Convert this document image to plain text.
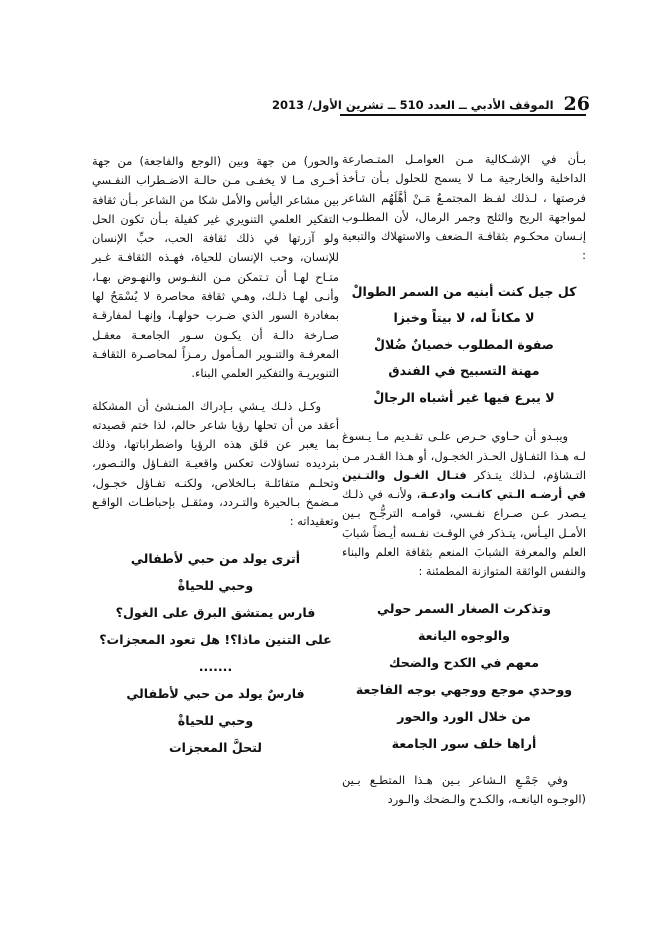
26
الموقف الأدبي ــ العدد 510 ــ تشرين الأول/ 2013

بـأن في الإشـكالية مـن العوامـل المتـصارعة الداخلية والخارجية مـا لا يسمح للحلول بـأن تـأخذ فرصتها ، لـذلك لفـظ المجتمـعُ مَـنْ أهَّلَهُم الشاعر لمواجهة الريح والثلج وجمر الرمال، لأن المطلـوب إنـسان محكـوم بثقافـة الـضعف والاستهلاك والتبعية :

كل جيل كنت أبنيه من السمر الطوالْ
لا مكاناً له، لا بيتاً وخبزا
صفوة المطلوب خصيانٌ ضُلالْ
مهنة التسبيح في الفندق
لا يبرع فيها غير أشباه الرجالْ

ويبـدو أن حـاوي حـرص علـى تقـديم مـا يـسوغ لـه هـذا التفـاؤل الحـذر الخجـول، أو هـذا القـدر مـن التـشاؤم، لـذلك يتـذكر فتـال الغـول والتـنين في أرضـه الـتي كانـت وادعـة، ولأنـه في ذلـك يـصدر عـن صـراع نفـسي، قوامـه الترجُّـح بـين الأمـل اليـأس، يتـذكر في الوقـت نفـسه أيـضاً شبابَ العلم والمعرفة الشبابَ المنعم بثقافة العلم والبناء والنفس الواثقة المتوازنة المطمئنة :

وتذكرت الصغار السمر حولي
والوجوه اليانعة
معهم في الكدح والضحك
ووحدي موجع ووجهي بوجه الفاجعة
من خلال الورد والحور
أراها خلف سور الجامعة

وفي جَمْـعِ الـشاعر بـين هـذا المتطـع بـين (الوجـوه اليانعـه، والكـدح والـضحك والـورد

والحور) من جهة وبين (الوجع والفاجعة) من جهة أخـرى مـا لا يخفـى مـن حالـة الاضـطراب النفـسي بين مشاعر اليأس والأمل شكا من الشاعر بـأن ثقافة التفكير العلمي التنويري غير كفيلة بـأن تكون الحل ولو آزرتها في ذلك ثقافة الحب، حبِّ الإنسان للإنسان، وحب الإنسان للحياة، فهـذه الثقافـة غـير متـاح لهـا أن تـتمكن مـن النفـوس والنهـوض بهـا، وأنـى لهـا ذلـك، وهـي ثقافة محاصرة لا يُسْمَحُ لها بمغادرة السور الذي ضـرب حولهـا، وإنهـا لمفارقـة صـارخة دالـة أن يكـون سـور الجامعـة معقـل المعرفـة والتنـوير المـأمول رمـزاً لمحاصـرة الثقافـة التنويريـة والتفكير العلمي البناء.

وكـل ذلـك يـشي بـإدراك المنـشئ أن المشكلة أعقد من أن تحلها رؤيا شاعر حالم، لذا ختم قصيدته بما يعبر عن قلق هذه الرؤيا واضطراباتها، وذلك بترديده تساؤلات تعكس واقعيـة التفـاؤل والتـصور، وتحلـم متفائلـة بـالخلاص، ولكنـه تفـاؤل خجـول، مـضمخ بـالحيرة والتـردد، ومثقـل بإحباطـات الواقـع وتعقيداته :

أترى يولد من حبي لأطفالي
وحبي للحياةْ
فارس يمتشق البرق على الغول؟
على التنين ماذا؟! هل تعود المعجزات؟
.......
فارسٌ يولد من حبي لأطفالي
وحبي للحياةْ
لتحلَّ المعجزات
